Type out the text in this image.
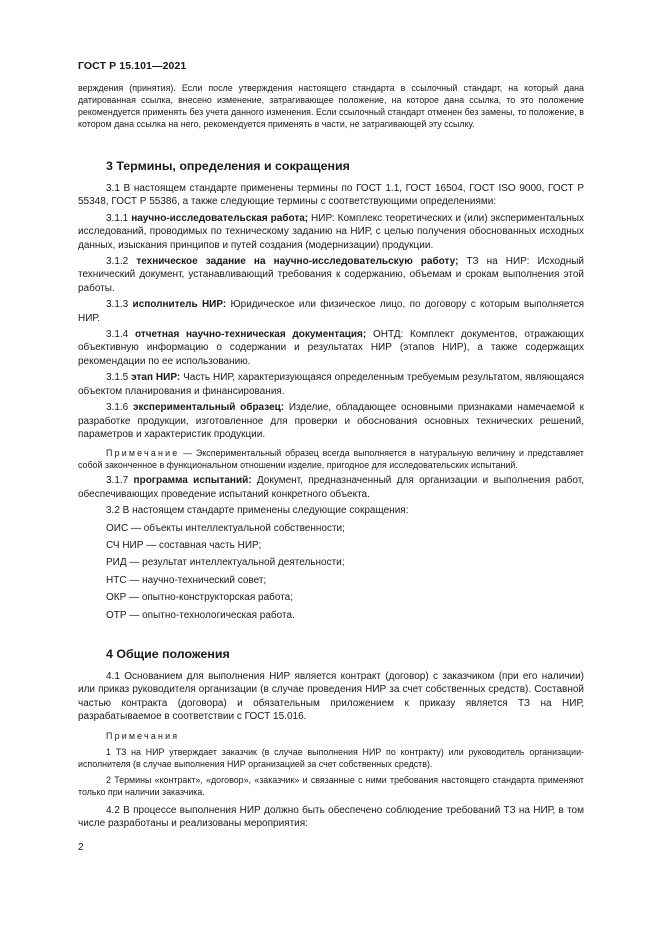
ГОСТ Р 15.101—2021

верждения (принятия). Если после утверждения настоящего стандарта в ссылочный стандарт, на который дана датированная ссылка, внесено изменение, затрагивающее положение, на которое дана ссылка, то это положение рекомендуется применять без учета данного изменения. Если ссылочный стандарт отменен без замены, то положение, в котором дана ссылка на него, рекомендуется применять в части, не затрагивающей эту ссылку.

3 Термины, определения и сокращения

3.1 В настоящем стандарте применены термины по ГОСТ 1.1, ГОСТ 16504, ГОСТ ISO 9000, ГОСТ Р 55348, ГОСТ Р 55386, а также следующие термины с соответствующими определениями:

3.1.1 научно-исследовательская работа; НИР: Комплекс теоретических и (или) экспериментальных исследований, проводимых по техническому заданию на НИР, с целью получения обоснованных исходных данных, изыскания принципов и путей создания (модернизации) продукции.

3.1.2 техническое задание на научно-исследовательскую работу; ТЗ на НИР: Исходный технический документ, устанавливающий требования к содержанию, объемам и срокам выполнения этой работы.

3.1.3 исполнитель НИР: Юридическое или физическое лицо, по договору с которым выполняется НИР.

3.1.4 отчетная научно-техническая документация; ОНТД: Комплект документов, отражающих объективную информацию о содержании и результатах НИР (этапов НИР), а также содержащих рекомендации по ее использованию.

3.1.5 этап НИР: Часть НИР, характеризующаяся определенным требуемым результатом, являющаяся объектом планирования и финансирования.

3.1.6 экспериментальный образец: Изделие, обладающее основными признаками намечаемой к разработке продукции, изготовленное для проверки и обоснования основных технических решений, параметров и характеристик продукции.

Примечание — Экспериментальный образец всегда выполняется в натуральную величину и представляет собой законченное в функциональном отношении изделие, пригодное для исследовательских испытаний.

3.1.7 программа испытаний: Документ, предназначенный для организации и выполнения работ, обеспечивающих проведение испытаний конкретного объекта.

3.2 В настоящем стандарте применены следующие сокращения:

ОИС — объекты интеллектуальной собственности;

СЧ НИР — составная часть НИР;

РИД — результат интеллектуальной деятельности;

НТС — научно-технический совет;

ОКР — опытно-конструкторская работа;

ОТР — опытно-технологическая работа.

4 Общие положения

4.1 Основанием для выполнения НИР является контракт (договор) с заказчиком (при его наличии) или приказ руководителя организации (в случае проведения НИР за счет собственных средств). Составной частью контракта (договора) и обязательным приложением к приказу является ТЗ на НИР, разрабатываемое в соответствии с ГОСТ 15.016.

Примечания

1 ТЗ на НИР утверждает заказчик (в случае выполнения НИР по контракту) или руководитель организации-исполнителя (в случае выполнения НИР организацией за счет собственных средств).

2 Термины «контракт», «договор», «заказчик» и связанные с ними требования настоящего стандарта применяют только при наличии заказчика.

4.2 В процессе выполнения НИР должно быть обеспечено соблюдение требований ТЗ на НИР, в том числе разработаны и реализованы мероприятия:

2
